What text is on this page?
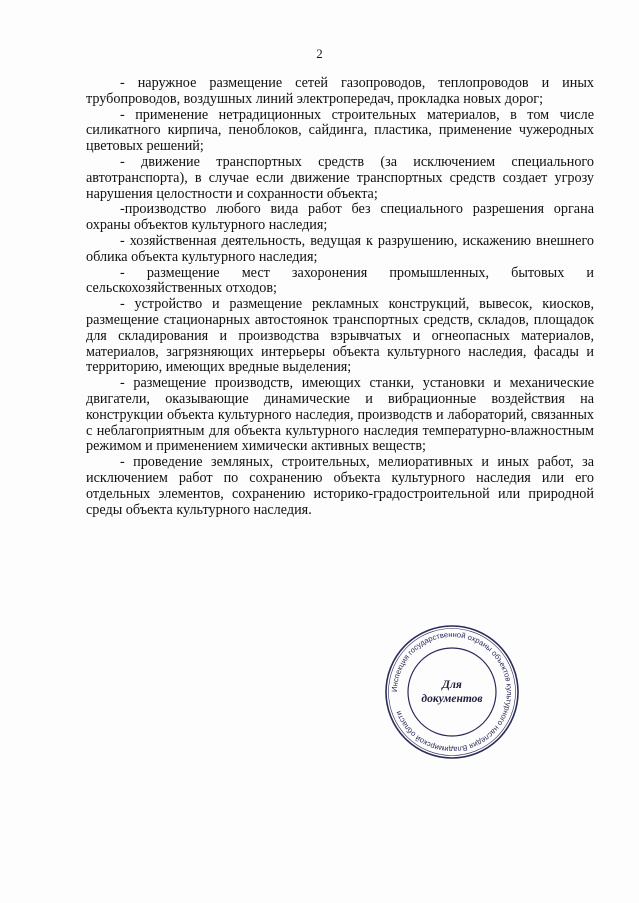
2

- наружное размещение сетей газопроводов, теплопроводов и иных трубопроводов, воздушных линий электропередач, прокладка новых дорог;

- применение нетрадиционных строительных материалов, в том числе силикатного кирпича, пеноблоков, сайдинга, пластика, применение чужеродных цветовых решений;

- движение транспортных средств (за исключением специального автотранспорта), в случае если движение транспортных средств создает угрозу нарушения целостности и сохранности объекта;

-производство любого вида работ без специального разрешения органа охраны объектов культурного наследия;

- хозяйственная деятельность, ведущая к разрушению, искажению внешнего облика объекта культурного наследия;

- размещение мест захоронения промышленных, бытовых и сельскохозяйственных отходов;

- устройство и размещение рекламных конструкций, вывесок, киосков, размещение стационарных автостоянок транспортных средств, складов, площадок для складирования и производства взрывчатых и огнеопасных материалов, материалов, загрязняющих интерьеры объекта культурного наследия, фасады и территорию, имеющих вредные выделения;

- размещение производств, имеющих станки, установки и механические двигатели, оказывающие динамические и вибрационные воздействия на конструкции объекта культурного наследия, производств и лабораторий, связанных с неблагоприятным для объекта культурного наследия температурно-влажностным режимом и применением химически активных веществ;

- проведение земляных, строительных, мелиоративных и иных работ, за исключением работ по сохранению объекта культурного наследия или его отдельных элементов, сохранению историко-градостроительной или природной среды объекта культурного наследия.

Инспекция государственной охраны объектов культурного наследия Владимирской области
Для
документов
